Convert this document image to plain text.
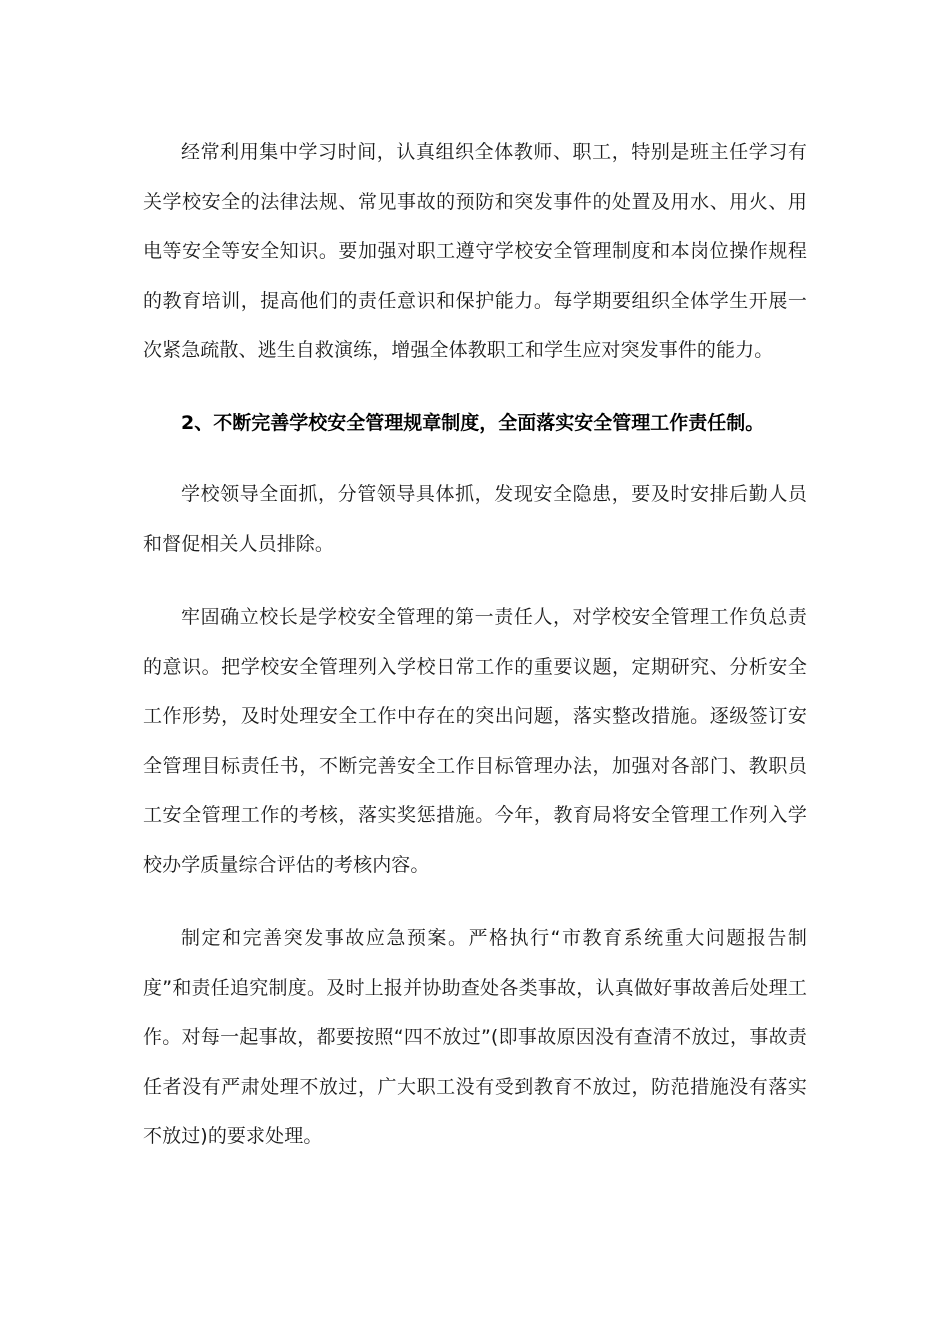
经常利用集中学习时间，认真组织全体教师、职工，特别是班主任学习有关学校安全的法律法规、常见事故的预防和突发事件的处置及用水、用火、用电等安全等安全知识。要加强对职工遵守学校安全管理制度和本岗位操作规程的教育培训，提高他们的责任意识和保护能力。每学期要组织全体学生开展一次紧急疏散、逃生自救演练，增强全体教职工和学生应对突发事件的能力。

2、不断完善学校安全管理规章制度，全面落实安全管理工作责任制。

学校领导全面抓，分管领导具体抓，发现安全隐患，要及时安排后勤人员和督促相关人员排除。

牢固确立校长是学校安全管理的第一责任人，对学校安全管理工作负总责的意识。把学校安全管理列入学校日常工作的重要议题，定期研究、分析安全工作形势，及时处理安全工作中存在的突出问题，落实整改措施。逐级签订安全管理目标责任书，不断完善安全工作目标管理办法，加强对各部门、教职员工安全管理工作的考核，落实奖惩措施。今年，教育局将安全管理工作列入学校办学质量综合评估的考核内容。

制定和完善突发事故应急预案。严格执行“市教育系统重大问题报告制度”和责任追究制度。及时上报并协助查处各类事故，认真做好事故善后处理工作。对每一起事故，都要按照“四不放过”(即事故原因没有查清不放过，事故责任者没有严肃处理不放过，广大职工没有受到教育不放过，防范措施没有落实不放过)的要求处理。
